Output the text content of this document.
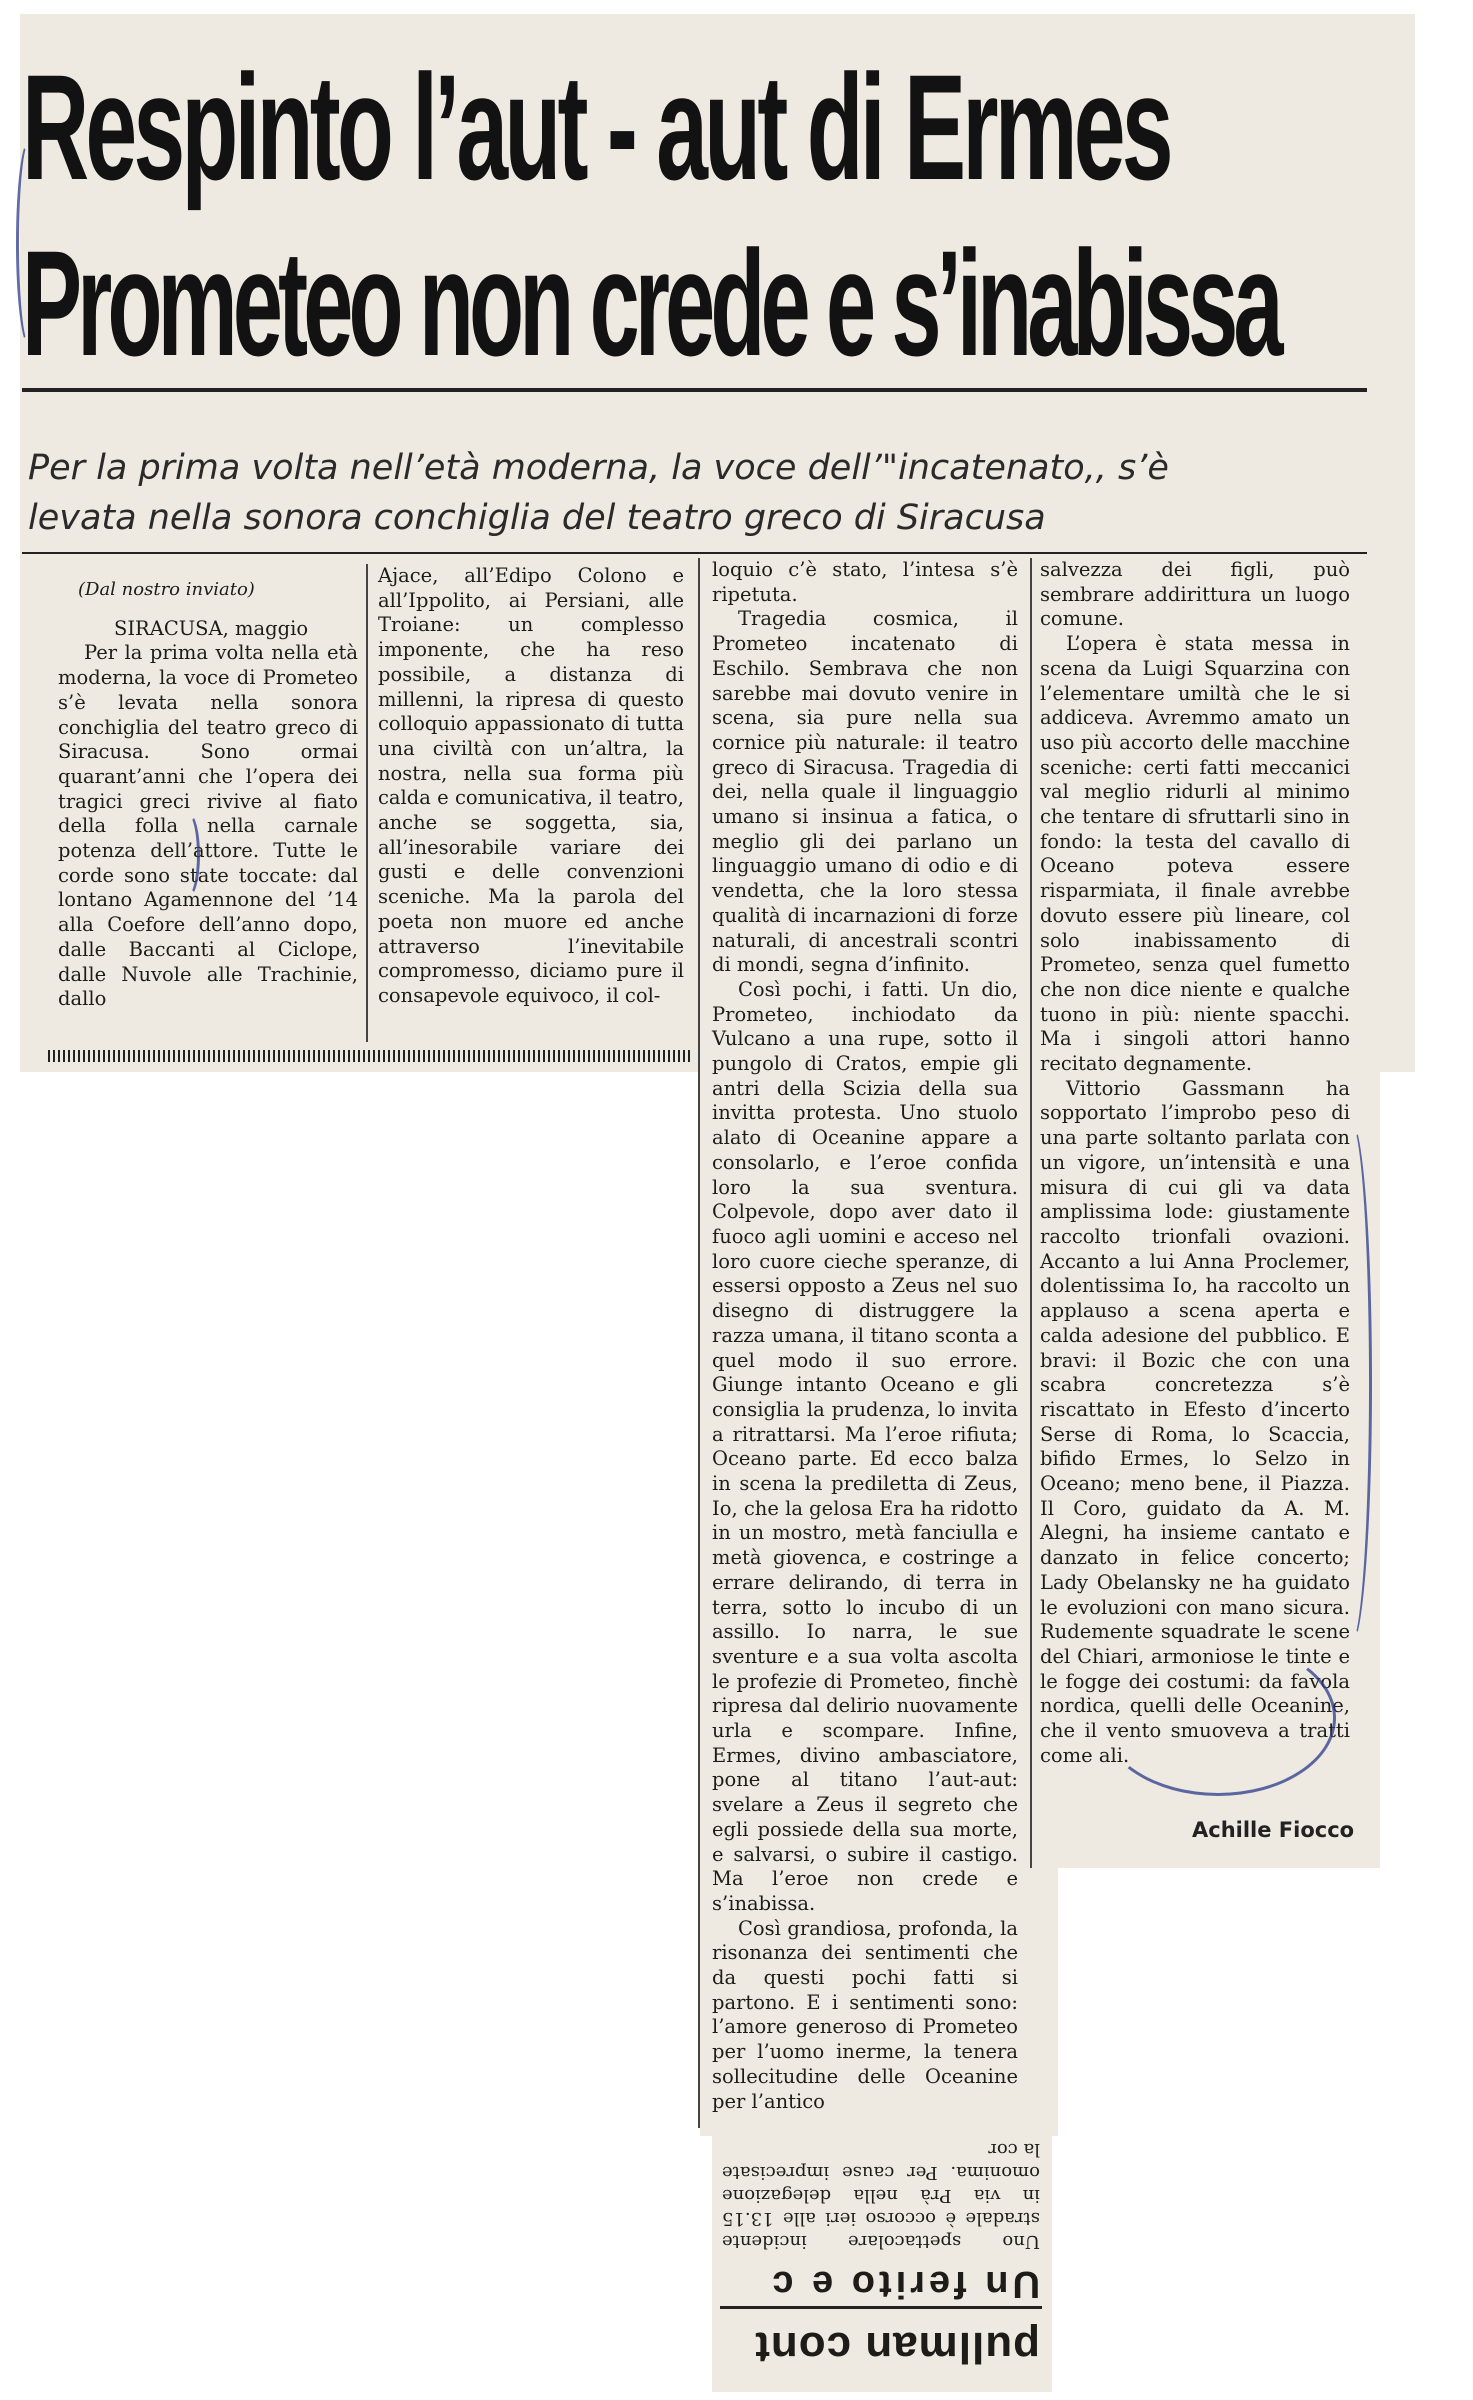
Respinto l’aut - aut di Ermes
Prometeo non crede e s’inabissa

Per la prima volta nell’età moderna, la voce dell’"incatenato,, s’è

levata nella sonora conchiglia del teatro greco di Siracusa

(Dal nostro inviato)

SIRACUSA, maggio

Per la prima volta nella età moderna, la voce di Prometeo s’è levata nella sonora conchiglia del teatro greco di Siracusa. Sono ormai quarant’anni che l’opera dei tragici greci rivive al fiato della folla nella carnale potenza dell’attore. Tutte le corde sono state toccate: dal lontano Agamennone del ’14 alla Coefore dell’anno dopo, dalle Baccanti al Ciclope, dalle Nuvole alle Trachinie, dallo

Ajace, all’Edipo Colono e all’Ippolito, ai Persiani, alle Troiane: un complesso imponente, che ha reso possibile, a distanza di millenni, la ripresa di questo colloquio appassionato di tutta una civiltà con un’altra, la nostra, nella sua forma più calda e comunicativa, il teatro, anche se soggetta, sia, all’inesorabile variare dei gusti e delle convenzioni sceniche. Ma la parola del poeta non muore ed anche attraverso l’inevitabile compromesso, diciamo pure il consapevole equivoco, il col-

loquio c’è stato, l’intesa s’è ripetuta.

Tragedia cosmica, il Prometeo incatenato di Eschilo. Sembrava che non sarebbe mai dovuto venire in scena, sia pure nella sua cornice più naturale: il teatro greco di Siracusa. Tragedia di dei, nella quale il linguaggio umano si insinua a fatica, o meglio gli dei parlano un linguaggio umano di odio e di vendetta, che la loro stessa qualità di incarnazioni di forze naturali, di ancestrali scontri di mondi, segna d’infinito.

Così pochi, i fatti. Un dio, Prometeo, inchiodato da Vulcano a una rupe, sotto il pungolo di Cratos, empie gli antri della Scizia della sua invitta protesta. Uno stuolo alato di Oceanine appare a consolarlo, e l’eroe confida loro la sua sventura. Colpevole, dopo aver dato il fuoco agli uomini e acceso nel loro cuore cieche speranze, di essersi opposto a Zeus nel suo disegno di distruggere la razza umana, il titano sconta a quel modo il suo errore. Giunge intanto Oceano e gli consiglia la prudenza, lo invita a ritrattarsi. Ma l’eroe rifiuta; Oceano parte. Ed ecco balza in scena la prediletta di Zeus, Io, che la gelosa Era ha ridotto in un mostro, metà fanciulla e metà giovenca, e costringe a errare delirando, di terra in terra, sotto lo incubo di un assillo. Io narra, le sue sventure e a sua volta ascolta le profezie di Prometeo, finchè ripresa dal delirio nuovamente urla e scompare. Infine, Ermes, divino ambasciatore, pone al titano l’aut-aut: svelare a Zeus il segreto che egli possiede della sua morte, e salvarsi, o subire il castigo. Ma l’eroe non crede e s’inabissa.

Così grandiosa, profonda, la risonanza dei sentimenti che da questi pochi fatti si partono. E i sentimenti sono: l’amore generoso di Prometeo per l’uomo inerme, la tenera sollecitudine delle Oceanine per l’antico

salvezza dei figli, può sembrare addirittura un luogo comune.

L’opera è stata messa in scena da Luigi Squarzina con l’elementare umiltà che le si addiceva. Avremmo amato un uso più accorto delle macchine sceniche: certi fatti meccanici val meglio ridurli al minimo che tentare di sfruttarli sino in fondo: la testa del cavallo di Oceano poteva essere risparmiata, il finale avrebbe dovuto essere più lineare, col solo inabissamento di Prometeo, senza quel fumetto che non dice niente e qualche tuono in più: niente spacchi. Ma i singoli attori hanno recitato degnamente.

Vittorio Gassmann ha sopportato l’improbo peso di una parte soltanto parlata con un vigore, un’intensità e una misura di cui gli va data amplissima lode: giustamente raccolto trionfali ovazioni. Accanto a lui Anna Proclemer, dolentissima Io, ha raccolto un applauso a scena aperta e calda adesione del pubblico. E bravi: il Bozic che con una scabra concretezza s’è riscattato in Efesto d’incerto Serse di Roma, lo Scaccia, bifido Ermes, lo Selzo in Oceano; meno bene, il Piazza. Il Coro, guidato da A. M. Alegni, ha insieme cantato e danzato in felice concerto; Lady Obelansky ne ha guidato le evoluzioni con mano sicura. Rudemente squadrate le scene del Chiari, armoniose le tinte e le fogge dei costumi: da favola nordica, quelli delle Oceanine, che il vento smuoveva a tratti come ali.

Achille Fiocco

Uno spettacolare incidente stradale è occorso ieri alle 13.15 in via Prà nella delegazione omonima. Per cause imprecisate la cor

Un ferito e c

pullman cont
